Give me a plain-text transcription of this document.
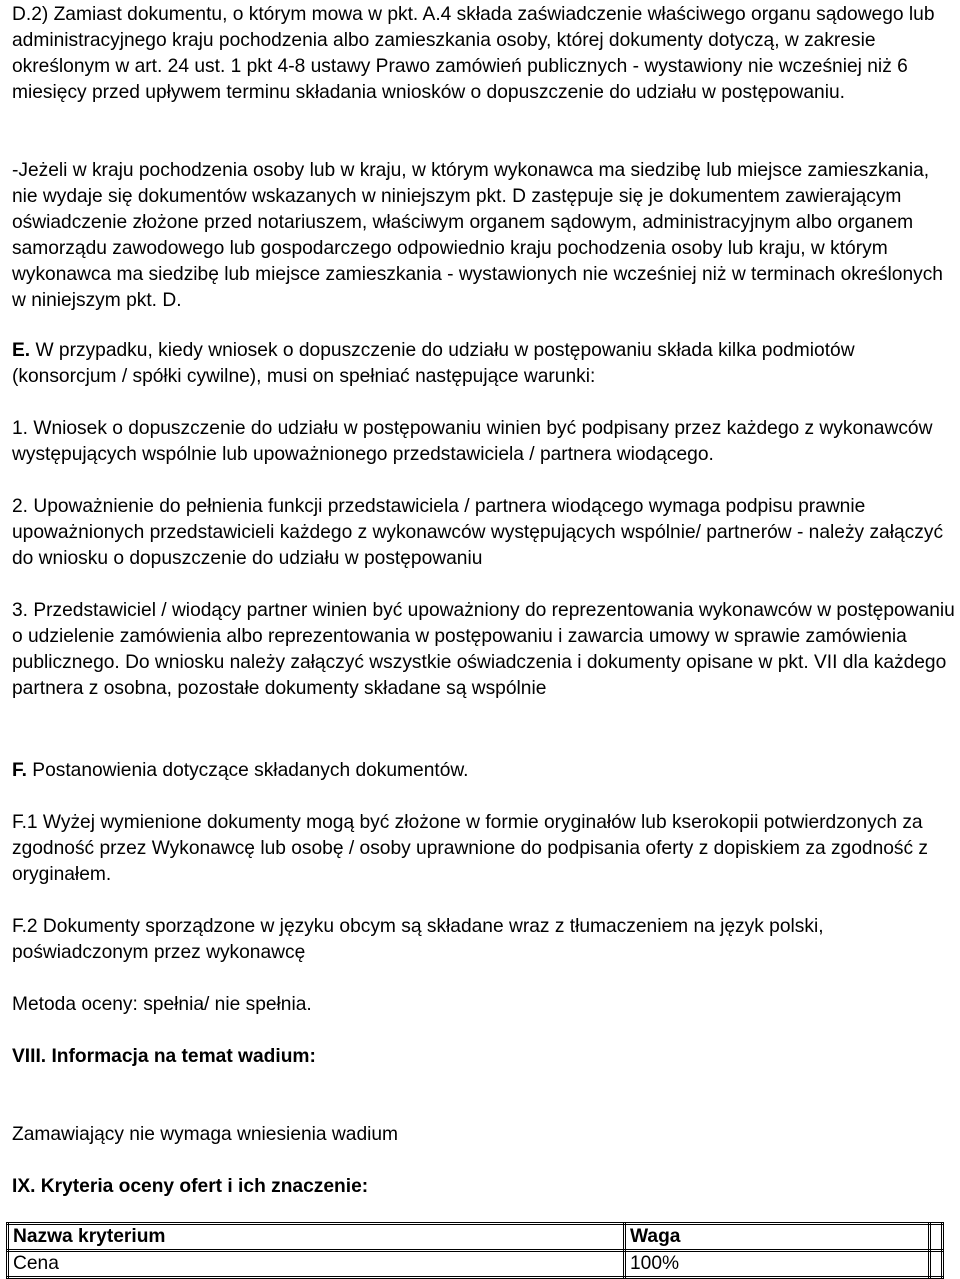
D.2) Zamiast dokumentu, o którym mowa w pkt. A.4 składa zaświadczenie właściwego organu sądowego lub administracyjnego kraju pochodzenia albo zamieszkania osoby, której dokumenty dotyczą, w zakresie określonym w art. 24 ust. 1 pkt 4-8 ustawy Prawo zamówień publicznych - wystawiony nie wcześniej niż 6 miesięcy przed upływem terminu składania wniosków o dopuszczenie do udziału w postępowaniu.

-Jeżeli w kraju pochodzenia osoby lub w kraju, w którym wykonawca ma siedzibę lub miejsce zamieszkania, nie wydaje się dokumentów wskazanych w niniejszym pkt. D zastępuje się je dokumentem zawierającym oświadczenie złożone przed notariuszem, właściwym organem sądowym, administracyjnym albo organem samorządu zawodowego lub gospodarczego odpowiednio kraju pochodzenia osoby lub kraju, w którym wykonawca ma siedzibę lub miejsce zamieszkania - wystawionych nie wcześniej niż w terminach określonych w niniejszym pkt. D.

E. W przypadku, kiedy wniosek o dopuszczenie do udziału w postępowaniu składa kilka podmiotów (konsorcjum / spółki cywilne), musi on spełniać następujące warunki:

1. Wniosek o dopuszczenie do udziału w postępowaniu winien być podpisany przez każdego z wykonawców występujących wspólnie lub upoważnionego przedstawiciela / partnera wiodącego.

2. Upoważnienie do pełnienia funkcji przedstawiciela / partnera wiodącego wymaga podpisu prawnie upoważnionych przedstawicieli każdego z wykonawców występujących wspólnie/ partnerów - należy załączyć do wniosku o dopuszczenie do udziału w postępowaniu

3. Przedstawiciel / wiodący partner winien być upoważniony do reprezentowania wykonawców w postępowaniu o udzielenie zamówienia albo reprezentowania w postępowaniu i zawarcia umowy w sprawie zamówienia publicznego. Do wniosku należy załączyć wszystkie oświadczenia i dokumenty opisane w pkt. VII dla każdego partnera z osobna, pozostałe dokumenty składane są wspólnie

F. Postanowienia dotyczące składanych dokumentów.

F.1 Wyżej wymienione dokumenty mogą być złożone w formie oryginałów lub kserokopii potwierdzonych za zgodność przez Wykonawcę lub osobę / osoby uprawnione do podpisania oferty z dopiskiem za zgodność z oryginałem.

F.2 Dokumenty sporządzone w języku obcym są składane wraz z tłumaczeniem na język polski, poświadczonym przez wykonawcę

Metoda oceny: spełnia/ nie spełnia.

VIII. Informacja na temat wadium:

Zamawiający nie wymaga wniesienia wadium

IX. Kryteria oceny ofert i ich znaczenie:

Nazwa kryterium	Waga	
Cena	100%	
